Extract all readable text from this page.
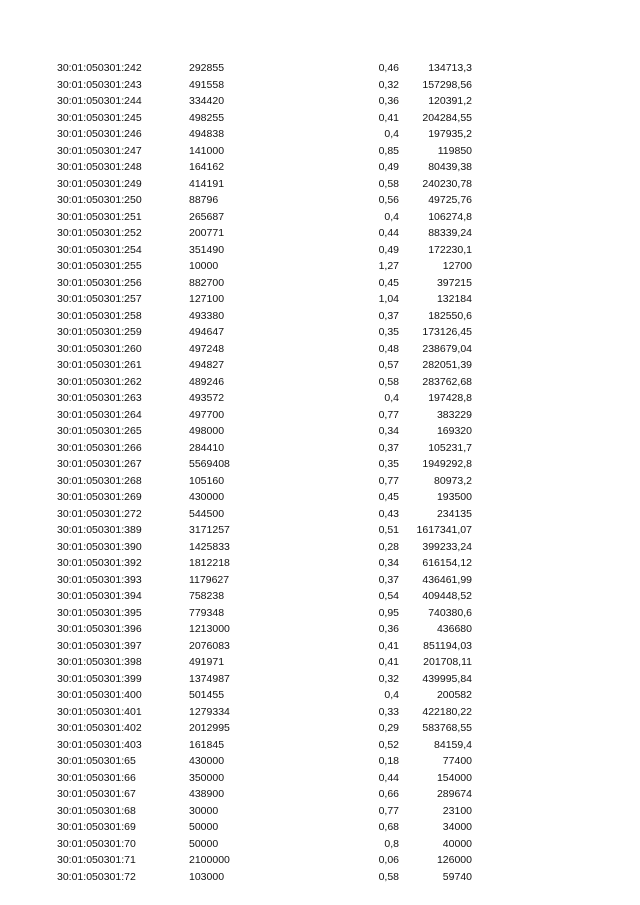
30:01:050301:242	292855	0,46	134713,3
30:01:050301:243	491558	0,32 157298,56
30:01:050301:244	334420	0,36	120391,2
30:01:050301:245	498255	0,41 204284,55
30:01:050301:246	494838	0,4	197935,2
30:01:050301:247	141000	0,85	119850
30:01:050301:248	164162	0,49	80439,38
30:01:050301:249	414191	0,58 240230,78
30:01:050301:250	88796	0,56	49725,76
30:01:050301:251	265687	0,4	106274,8
30:01:050301:252	200771	0,44	88339,24
30:01:050301:254	351490	0,49	172230,1
30:01:050301:255	10000	1,27	12700
30:01:050301:256	882700	0,45	397215
30:01:050301:257	127100	1,04	132184
30:01:050301:258	493380	0,37	182550,6
30:01:050301:259	494647	0,35 173126,45
30:01:050301:260	497248	0,48 238679,04
30:01:050301:261	494827	0,57 282051,39
30:01:050301:262	489246	0,58 283762,68
30:01:050301:263	493572	0,4	197428,8
30:01:050301:264	497700	0,77	383229
30:01:050301:265	498000	0,34	169320
30:01:050301:266	284410	0,37	105231,7
30:01:050301:267	5569408	0,35 1949292,8
30:01:050301:268	105160	0,77	80973,2
30:01:050301:269	430000	0,45	193500
30:01:050301:272	544500	0,43	234135
30:01:050301:389	3171257	0,51 1617341,07
30:01:050301:390	1425833	0,28 399233,24
30:01:050301:392	1812218	0,34 616154,12
30:01:050301:393	1179627	0,37 436461,99
30:01:050301:394	758238	0,54 409448,52
30:01:050301:395	779348	0,95	740380,6
30:01:050301:396	1213000	0,36	436680
30:01:050301:397	2076083	0,41 851194,03
30:01:050301:398	491971	0,41 201708,11
30:01:050301:399	1374987	0,32 439995,84
30:01:050301:400	501455	0,4	200582
30:01:050301:401	1279334	0,33 422180,22
30:01:050301:402	2012995	0,29 583768,55
30:01:050301:403	161845	0,52	84159,4
30:01:050301:65	430000	0,18	77400
30:01:050301:66	350000	0,44	154000
30:01:050301:67	438900	0,66	289674
30:01:050301:68	30000	0,77	23100
30:01:050301:69	50000	0,68	34000
30:01:050301:70	50000	0,8	40000
30:01:050301:71	2100000	0,06	126000
30:01:050301:72	103000	0,58	59740
